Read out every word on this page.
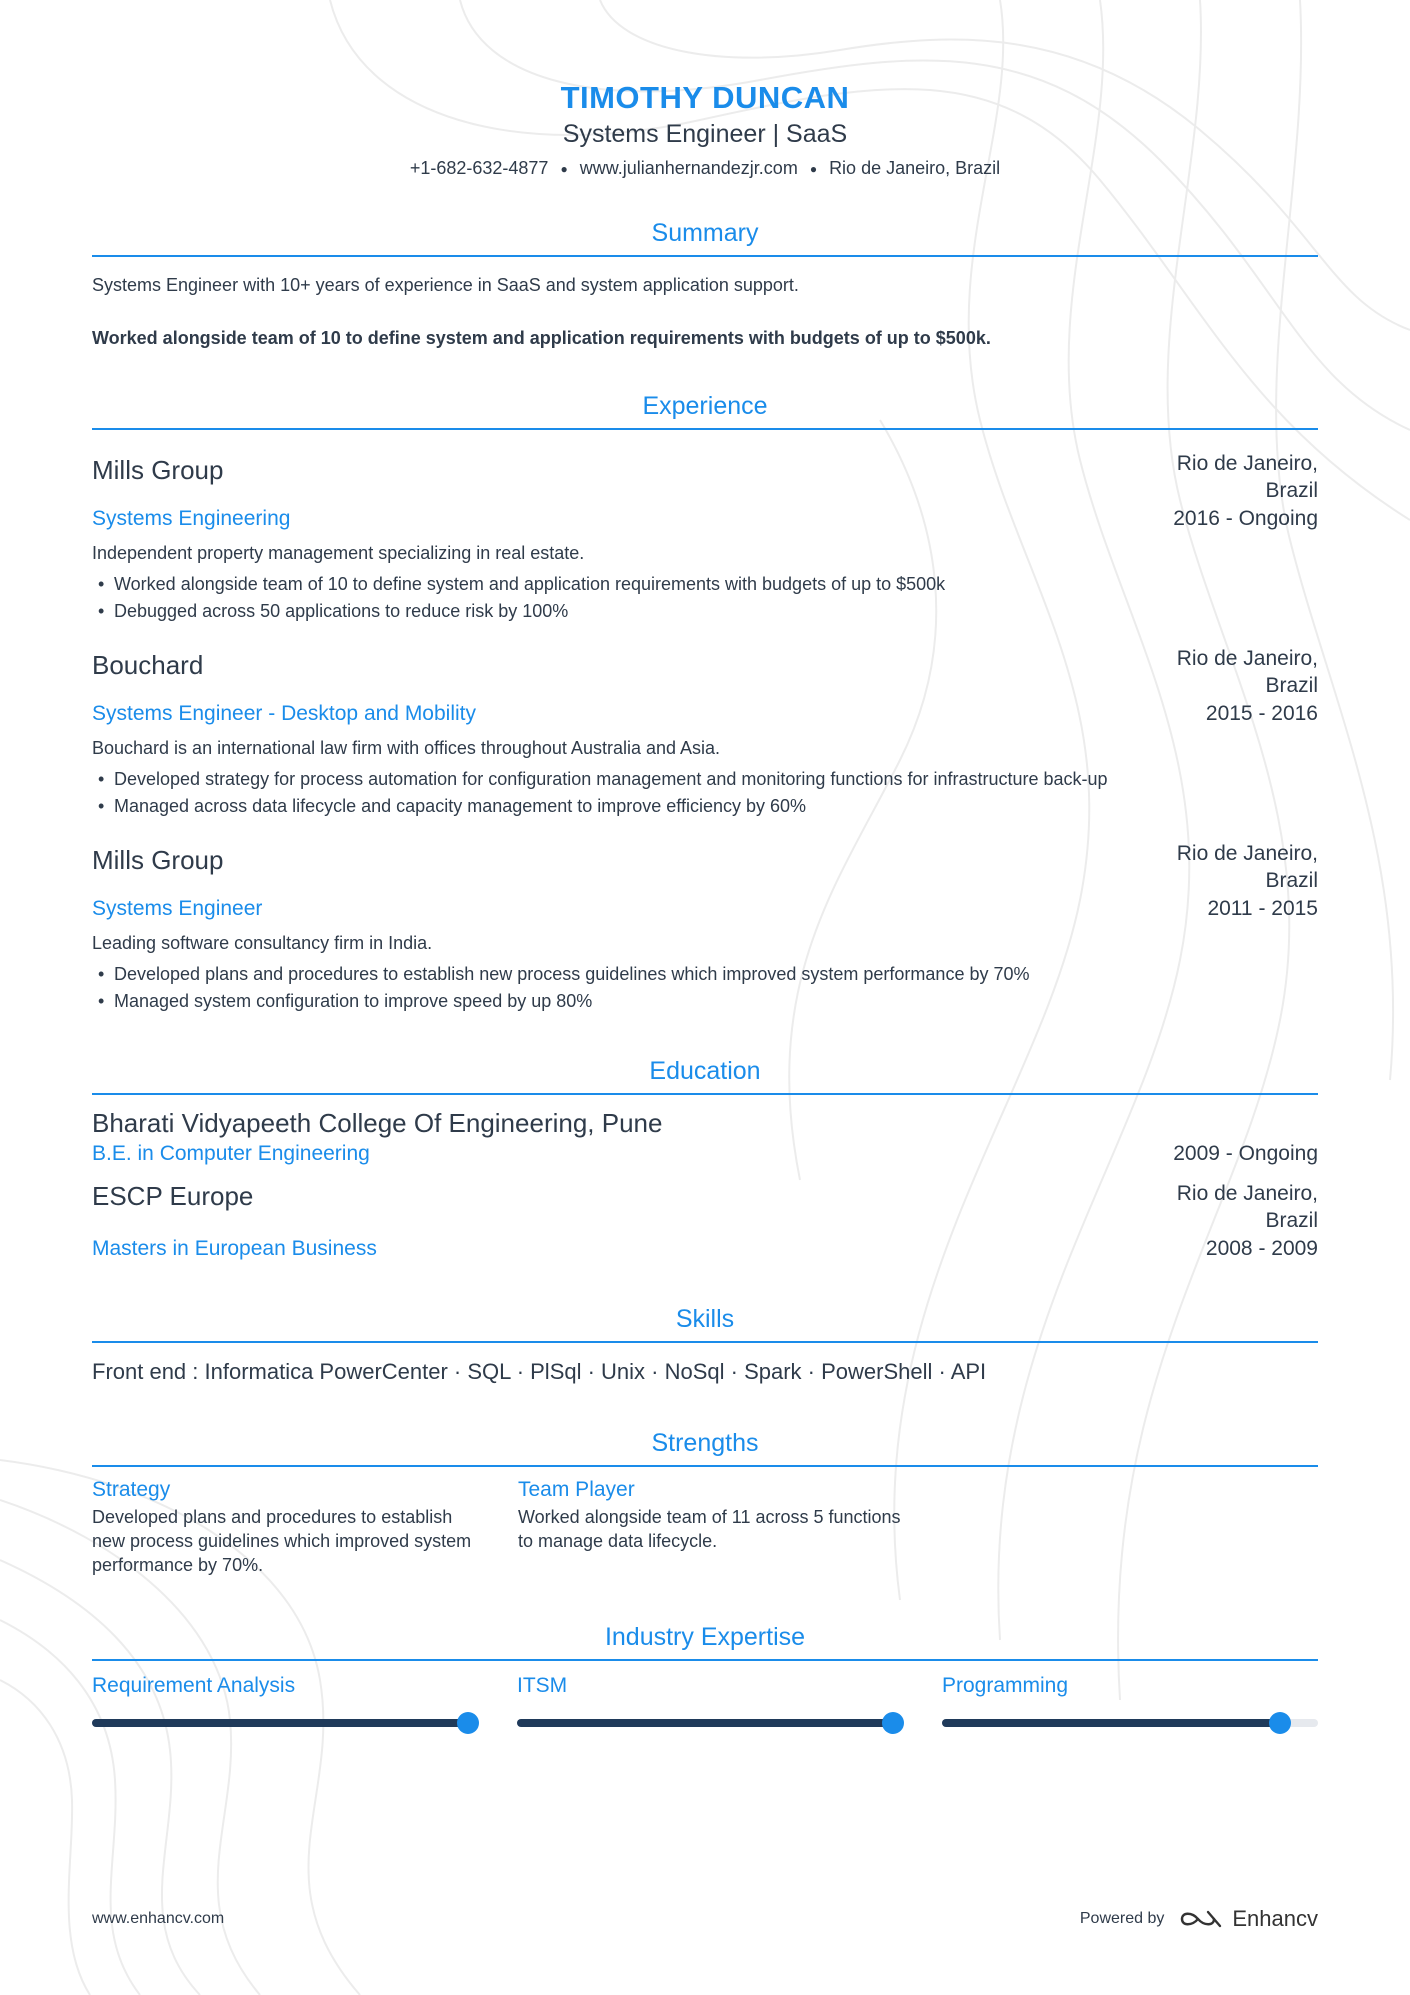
TIMOTHY DUNCAN
Systems Engineer | SaaS
+1-682-632-4877 ● www.julianhernandezjr.com ● Rio de Janeiro, Brazil
Summary

Systems Engineer with 10+ years of experience in SaaS and system application support.

Worked alongside team of 10 to define system and application requirements with budgets of up to $500k.

Experience
Mills Group	Rio de Janeiro,
Brazil
Systems Engineering	2016 - Ongoing
Independent property management specializing in real estate.
• Worked alongside team of 10 to define system and application requirements with budgets of up to $500k
• Debugged across 50 applications to reduce risk by 100%
Bouchard	Rio de Janeiro,
Brazil
Systems Engineer - Desktop and Mobility	2015 - 2016
Bouchard is an international law firm with offices throughout Australia and Asia.
• Developed strategy for process automation for configuration management and monitoring functions for infrastructure back-up
• Managed across data lifecycle and capacity management to improve efficiency by 60%
Mills Group	Rio de Janeiro,
Brazil
Systems Engineer	2011 - 2015
Leading software consultancy firm in India.
• Developed plans and procedures to establish new process guidelines which improved system performance by 70%
• Managed system configuration to improve speed by up 80%
Education
Bharati Vidyapeeth College Of Engineering, Pune
B.E. in Computer Engineering	2009 - Ongoing
ESCP Europe	Rio de Janeiro,
Brazil
Masters in European Business	2008 - 2009
Skills
Front end : Informatica PowerCenter · SQL · PlSql · Unix · NoSql · Spark · PowerShell · API
Strengths
Strategy
Developed plans and procedures to establish new process guidelines which improved system performance by 70%.
Team Player
Worked alongside team of 11 across 5 functions to manage data lifecycle.
Industry Expertise
Requirement Analysis	ITSM	Programming
www.enhancv.com	Powered by	Enhancv
